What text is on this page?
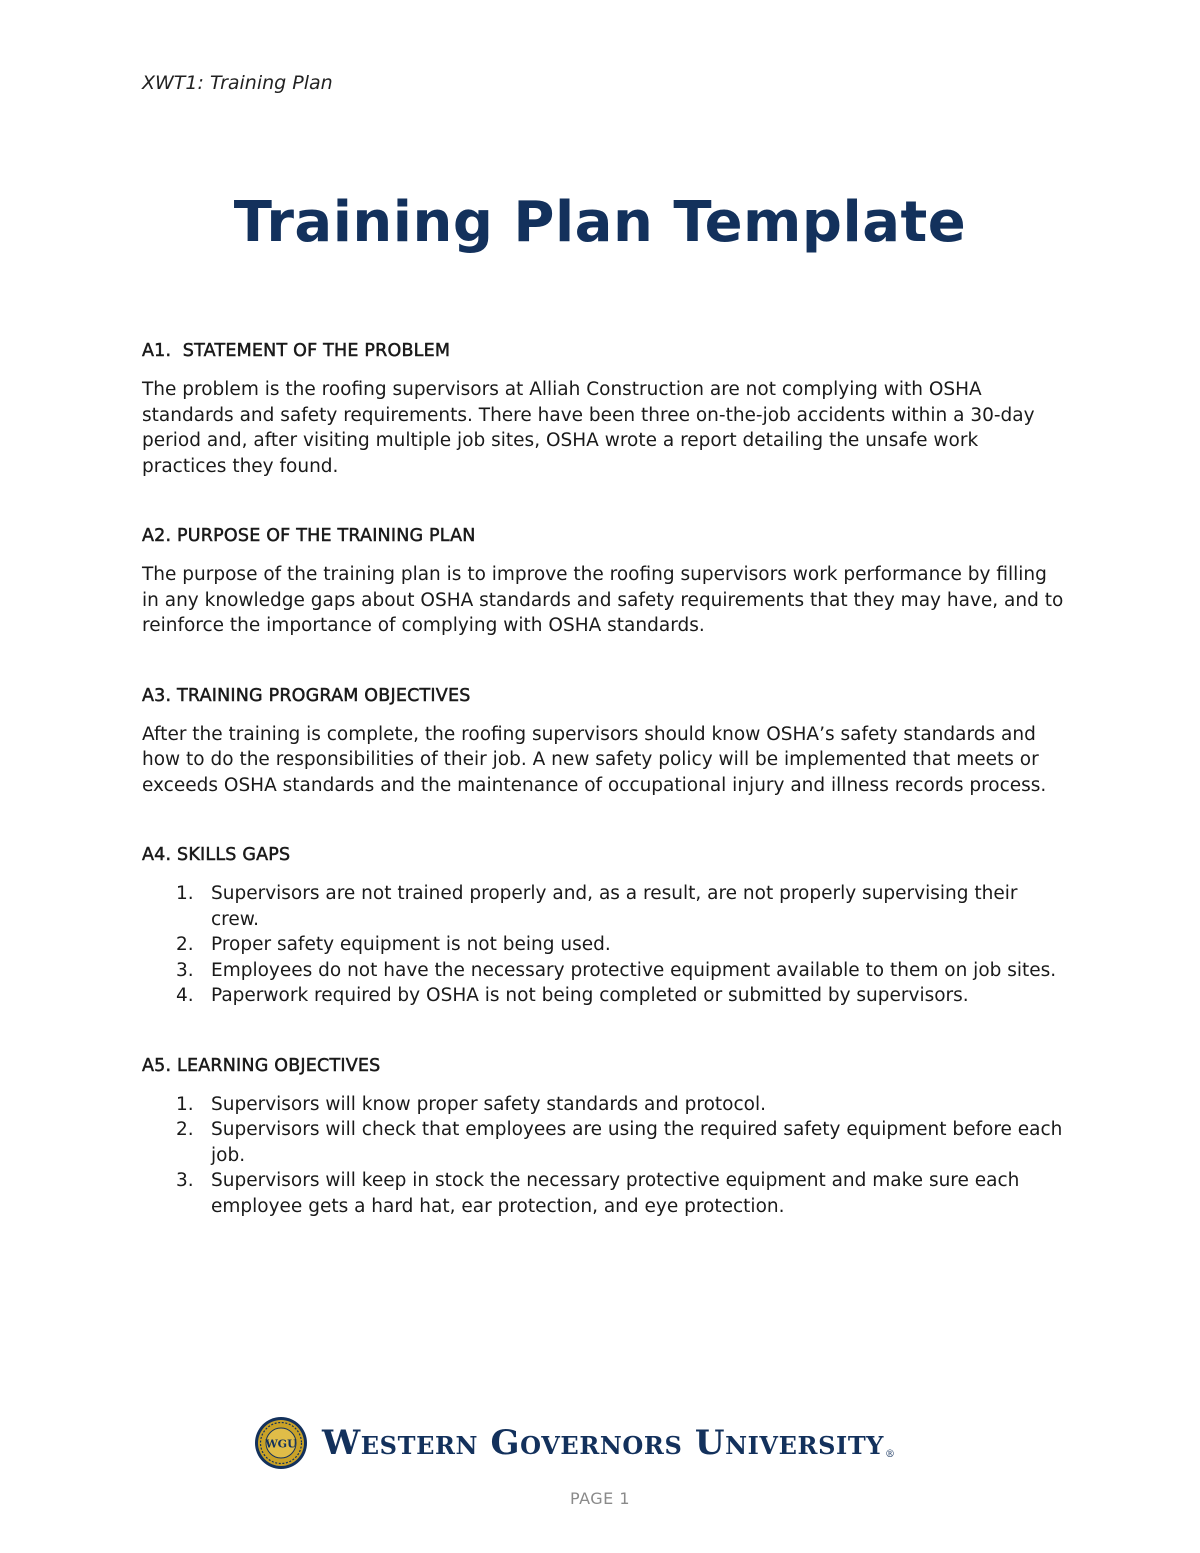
XWT1: Training Plan
Training Plan Template
A1.  STATEMENT OF THE PROBLEM

The problem is the roofing supervisors at Alliah Construction are not complying with OSHA standards and safety requirements. There have been three on-the-job accidents within a 30-day period and, after visiting multiple job sites, OSHA wrote a report detailing the unsafe work practices they found.

A2. PURPOSE OF THE TRAINING PLAN

The purpose of the training plan is to improve the roofing supervisors work performance by filling in any knowledge gaps about OSHA standards and safety requirements that they may have, and to reinforce the importance of complying with OSHA standards.

A3. TRAINING PROGRAM OBJECTIVES

After the training is complete, the roofing supervisors should know OSHA’s safety standards and how to do the responsibilities of their job. A new safety policy will be implemented that meets or exceeds OSHA standards and the maintenance of occupational injury and illness records process.

A4. SKILLS GAPS
1. Supervisors are not trained properly and, as a result, are not properly supervising their crew.
2. Proper safety equipment is not being used.
3. Employees do not have the necessary protective equipment available to them on job sites.
4. Paperwork required by OSHA is not being completed or submitted by supervisors.
A5. LEARNING OBJECTIVES
1. Supervisors will know proper safety standards and protocol.
2. Supervisors will check that employees are using the required safety equipment before each job.
3. Supervisors will keep in stock the necessary protective equipment and make sure each employee gets a hard hat, ear protection, and eye protection.
WGU Western Governors University®
PAGE 1
